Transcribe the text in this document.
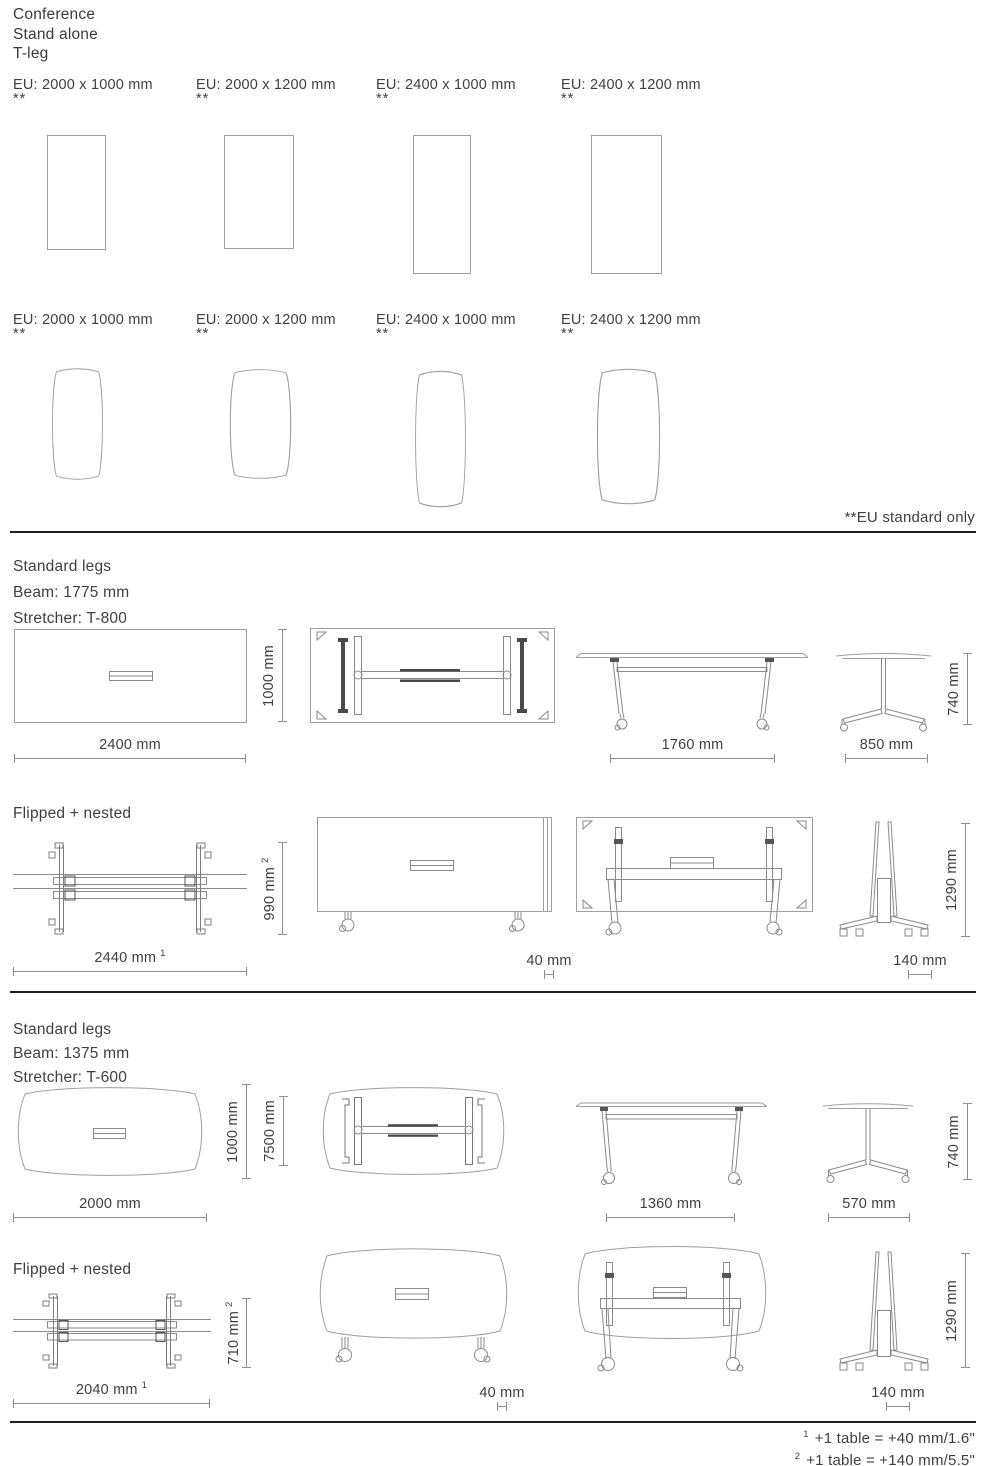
Conference
Stand alone
T-leg
EU: 2000 x 1000 mm
**
EU: 2000 x 1200 mm
**
EU: 2400 x 1000 mm
**
EU: 2400 x 1200 mm
**
EU: 2000 x 1000 mm
**
EU: 2000 x 1200 mm
**
EU: 2400 x 1000 mm
**
EU: 2400 x 1200 mm
**
**EU standard only
Standard legs
Beam: 1775 mm
Stretcher: T-800
2400 mm
1000 mm
1760 mm	850 mm
740 mm
Flipped + nested
2440 mm $^1$
990 $mm^2$
40 mm	140 mm
1290 mm
Standard legs
Beam: 1375 mm
Stretcher: T-600
2000 mm
1000 mm 7500 mm
1360 mm	570 mm
740 mm
Flipped + nested
2040 mm $^1$
710 $mm^2$
40 mm	140 mm
1290 mm
$^1$ +1 table = +40 mm/1.6"
$^2$ +1 table = +140 mm/5.5"
